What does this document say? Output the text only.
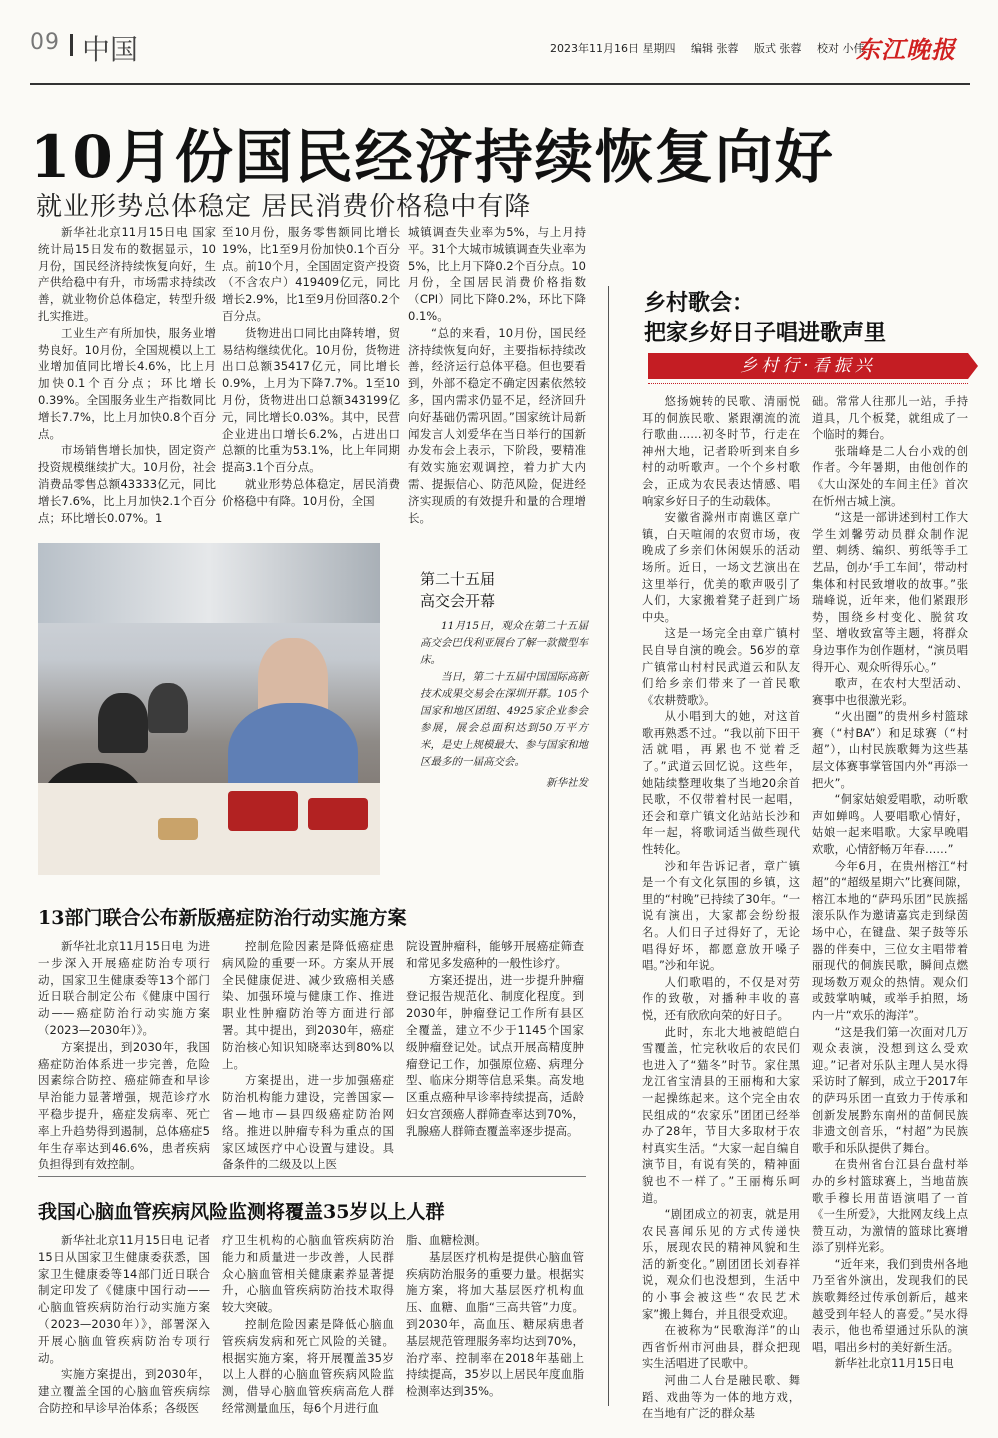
09 中国	2023年11月16日 星期四 编辑 张蓉 版式 张蓉 校对 小伟
东江晚报
10月份国民经济持续恢复向好
就业形势总体稳定 居民消费价格稳中有降

新华社北京11月15日电 国家统计局15日发布的数据显示，10月份，国民经济持续恢复向好，生产供给稳中有升，市场需求持续改善，就业物价总体稳定，转型升级扎实推进。

工业生产有所加快，服务业增势良好。10月份，全国规模以上工业增加值同比增长4.6%，比上月加快0.1个百分点；环比增长0.39%。全国服务业生产指数同比增长7.7%，比上月加快0.8个百分点。

市场销售增长加快，固定资产投资规模继续扩大。10月份，社会消费品零售总额43333亿元，同比增长7.6%，比上月加快2.1个百分点；环比增长0.07%。1

至10月份，服务零售额同比增长19%，比1至9月份加快0.1个百分点。前10个月，全国固定资产投资（不含农户）419409亿元，同比增长2.9%，比1至9月份回落0.2个百分点。

货物进出口同比由降转增，贸易结构继续优化。10月份，货物进出口总额35417亿元，同比增长0.9%，上月为下降7.7%。1至10月份，货物进出口总额343199亿元，同比增长0.03%。其中，民营企业进出口增长6.2%，占进出口总额的比重为53.1%，比上年同期提高3.1个百分点。

就业形势总体稳定，居民消费价格稳中有降。10月份，全国

城镇调查失业率为5%，与上月持平。31个大城市城镇调查失业率为5%，比上月下降0.2个百分点。10月份，全国居民消费价格指数（CPI）同比下降0.2%，环比下降0.1%。

“总的来看，10月份，国民经济持续恢复向好，主要指标持续改善，经济运行总体平稳。但也要看到，外部不稳定不确定因素依然较多，国内需求仍显不足，经济回升向好基础仍需巩固。”国家统计局新闻发言人刘爱华在当日举行的国新办发布会上表示，下阶段，要精准有效实施宏观调控，着力扩大内需、提振信心、防范风险，促进经济实现质的有效提升和量的合理增长。

第二十五届
高交会开幕

11月15日，观众在第二十五届高交会巴伐利亚展台了解一款微型车床。

当日，第二十五届中国国际高新技术成果交易会在深圳开幕。105个国家和地区团组、4925家企业参会参展，展会总面积达到50万平方米，是史上规模最大、参与国家和地区最多的一届高交会。

新华社发
13部门联合公布新版癌症防治行动实施方案

新华社北京11月15日电 为进一步深入开展癌症防治专项行动，国家卫生健康委等13个部门近日联合制定公布《健康中国行动——癌症防治行动实施方案（2023—2030年）》。

方案提出，到2030年，我国癌症防治体系进一步完善，危险因素综合防控、癌症筛查和早诊早治能力显著增强，规范诊疗水平稳步提升，癌症发病率、死亡率上升趋势得到遏制，总体癌症5年生存率达到46.6%，患者疾病负担得到有效控制。

控制危险因素是降低癌症患病风险的重要一环。方案从开展全民健康促进、减少致癌相关感染、加强环境与健康工作、推进职业性肿瘤防治等方面进行部署。其中提出，到2030年，癌症防治核心知识知晓率达到80%以上。

方案提出，进一步加强癌症防治机构能力建设，完善国家—省—地市—县四级癌症防治网络。推进以肿瘤专科为重点的国家区域医疗中心设置与建设。具备条件的二级及以上医

院设置肿瘤科，能够开展癌症筛查和常见多发癌种的一般性诊疗。

方案还提出，进一步提升肿瘤登记报告规范化、制度化程度。到2030年，肿瘤登记工作所有县区全覆盖，建立不少于1145个国家级肿瘤登记处。试点开展高精度肿瘤登记工作，加强原位癌、病理分型、临床分期等信息采集。高发地区重点癌种早诊率持续提高，适龄妇女宫颈癌人群筛查率达到70%，乳腺癌人群筛查覆盖率逐步提高。

我国心脑血管疾病风险监测将覆盖35岁以上人群

新华社北京11月15日电 记者15日从国家卫生健康委获悉，国家卫生健康委等14部门近日联合制定印发了《健康中国行动——心脑血管疾病防治行动实施方案（2023—2030年）》，部署深入开展心脑血管疾病防治专项行动。

实施方案提出，到2030年，建立覆盖全国的心脑血管疾病综合防控和早诊早治体系；各级医

疗卫生机构的心脑血管疾病防治能力和质量进一步改善，人民群众心脑血管相关健康素养显著提升，心脑血管疾病防治技术取得较大突破。

控制危险因素是降低心脑血管疾病发病和死亡风险的关键。根据实施方案，将开展覆盖35岁以上人群的心脑血管疾病风险监测，借导心脑血管疾病高危人群经常测量血压，每6个月进行血

脂、血糖检测。

基层医疗机构是提供心脑血管疾病防治服务的重要力量。根据实施方案，将加大基层医疗机构血压、血糖、血脂“三高共管”力度。到2030年，高血压、糖尿病患者基层规范管理服务率均达到70%，治疗率、控制率在2018年基础上持续提高，35岁以上居民年度血脂检测率达到35%。

乡村歌会：
把家乡好日子唱进歌声里
乡村行·看振兴

悠扬婉转的民歌、清丽悦耳的侗族民歌、紧跟潮流的流行歌曲……初冬时节，行走在神州大地，记者聆听到来自乡村的动听歌声。一个个乡村歌会，正成为农民表达情感、唱响家乡好日子的生动载体。

安徽省滁州市南谯区章广镇，白天喧闹的农贸市场，夜晚成了乡亲们休闲娱乐的活动场所。近日，一场文艺演出在这里举行，优美的歌声吸引了人们，大家搬着凳子赶到广场中央。

这是一场完全由章广镇村民自导自演的晚会。56岁的章广镇常山村村民武道云和队友们给乡亲们带来了一首民歌《农耕赞歌》。

从小唱到大的她，对这首歌再熟悉不过。“我以前下田干活就唱，再累也不觉着乏了。”武道云回忆说。这些年，她陆续整理收集了当地20余首民歌，不仅带着村民一起唱，还会和章广镇文化站站长沙和年一起，将歌词适当做些现代性转化。

沙和年告诉记者，章广镇是一个有文化氛围的乡镇，这里的“村晚”已持续了30年。“一说有演出，大家都会纷纷报名。人们日子过得好了，无论唱得好坏，都愿意放开嗓子唱。”沙和年说。

人们歌唱的，不仅是对劳作的致敬，对播种丰收的喜悦，还有欣欣向荣的好日子。

此时，东北大地被皑皑白雪覆盖，忙完秋收后的农民们也进入了“猫冬”时节。家住黑龙江省宝清县的王丽梅和大家一起操练起来。这个完全由农民组成的“农家乐”团团已经举办了28年，节目大多取材于农村真实生活。“大家一起自编自演节目，有说有笑的，精神面貌也不一样了。”王丽梅乐呵道。

“剧团成立的初衷，就是用农民喜闻乐见的方式传递快乐，展现农民的精神风貌和生活的新变化。”剧团团长刘春祥说，观众们也没想到，生活中的小事会被这些“农民艺术家”搬上舞台，并且很受欢迎。

在被称为“民歌海洋”的山西省忻州市河曲县，群众把现实生活唱进了民歌中。

河曲二人台是融民歌、舞蹈、戏曲等为一体的地方戏，在当地有广泛的群众基

础。常常人往那儿一站，手持道具，几个板凳，就组成了一个临时的舞台。

张瑞峰是二人台小戏的创作者。今年暑期，由他创作的《大山深处的车间主任》首次在忻州古城上演。

“这是一部讲述到村工作大学生刘馨劳动员群众制作泥塑、刺绣、编织、剪纸等手工艺品，创办‘手工车间’，带动村集体和村民致增收的故事。”张瑞峰说，近年来，他们紧跟形势，围绕乡村变化、脱贫攻坚、增收致富等主题，将群众身边事作为创作题材，“演员唱得开心、观众听得乐心。”

歌声，在农村大型活动、赛事中也很激光彩。

“火出圈”的贵州乡村篮球赛（“村BA”）和足球赛（“村超”），山村民族歌舞为这些基层文体赛事掌管国内外“再添一把火”。

“侗家姑娘爱唱歌，动听歌声如蝉鸣。人要唱歌心情好，姑娘一起来唱歌。大家早晚唱欢歌，心情舒畅万年春……”

今年6月，在贵州榕江“村超”的“超级星期六”比赛间隙，榕江本地的“萨玛乐团”民族摇滚乐队作为邀请嘉宾走到绿茵场中心，在键盘、架子鼓等乐器的伴奏中，三位女主唱带着丽现代的侗族民歌，瞬间点燃现场数万观众的热情。观众们或鼓掌呐喊，或举手拍照，场内一片“欢乐的海洋”。

“这是我们第一次面对几万观众表演，没想到这么受欢迎。”记者对乐队主理人吴水得采访时了解到，成立于2017年的萨玛乐团一直致力于传承和创新发展黔东南州的苗侗民族非遗文创音乐，“村超”为民族歌手和乐队提供了舞台。

在贵州省台江县台盘村举办的乡村篮球赛上，当地苗族歌手穆长用苗语演唱了一首《一生所爱》，大批网友线上点赞互动，为激情的篮球比赛增添了别样光彩。

“近年来，我们到贵州各地乃至省外演出，发现我们的民族歌舞经过传承创新后，越来越受到年轻人的喜爱。”吴水得表示，他也希望通过乐队的演唱，唱出乡村的美好新生活。

新华社北京11月15日电
